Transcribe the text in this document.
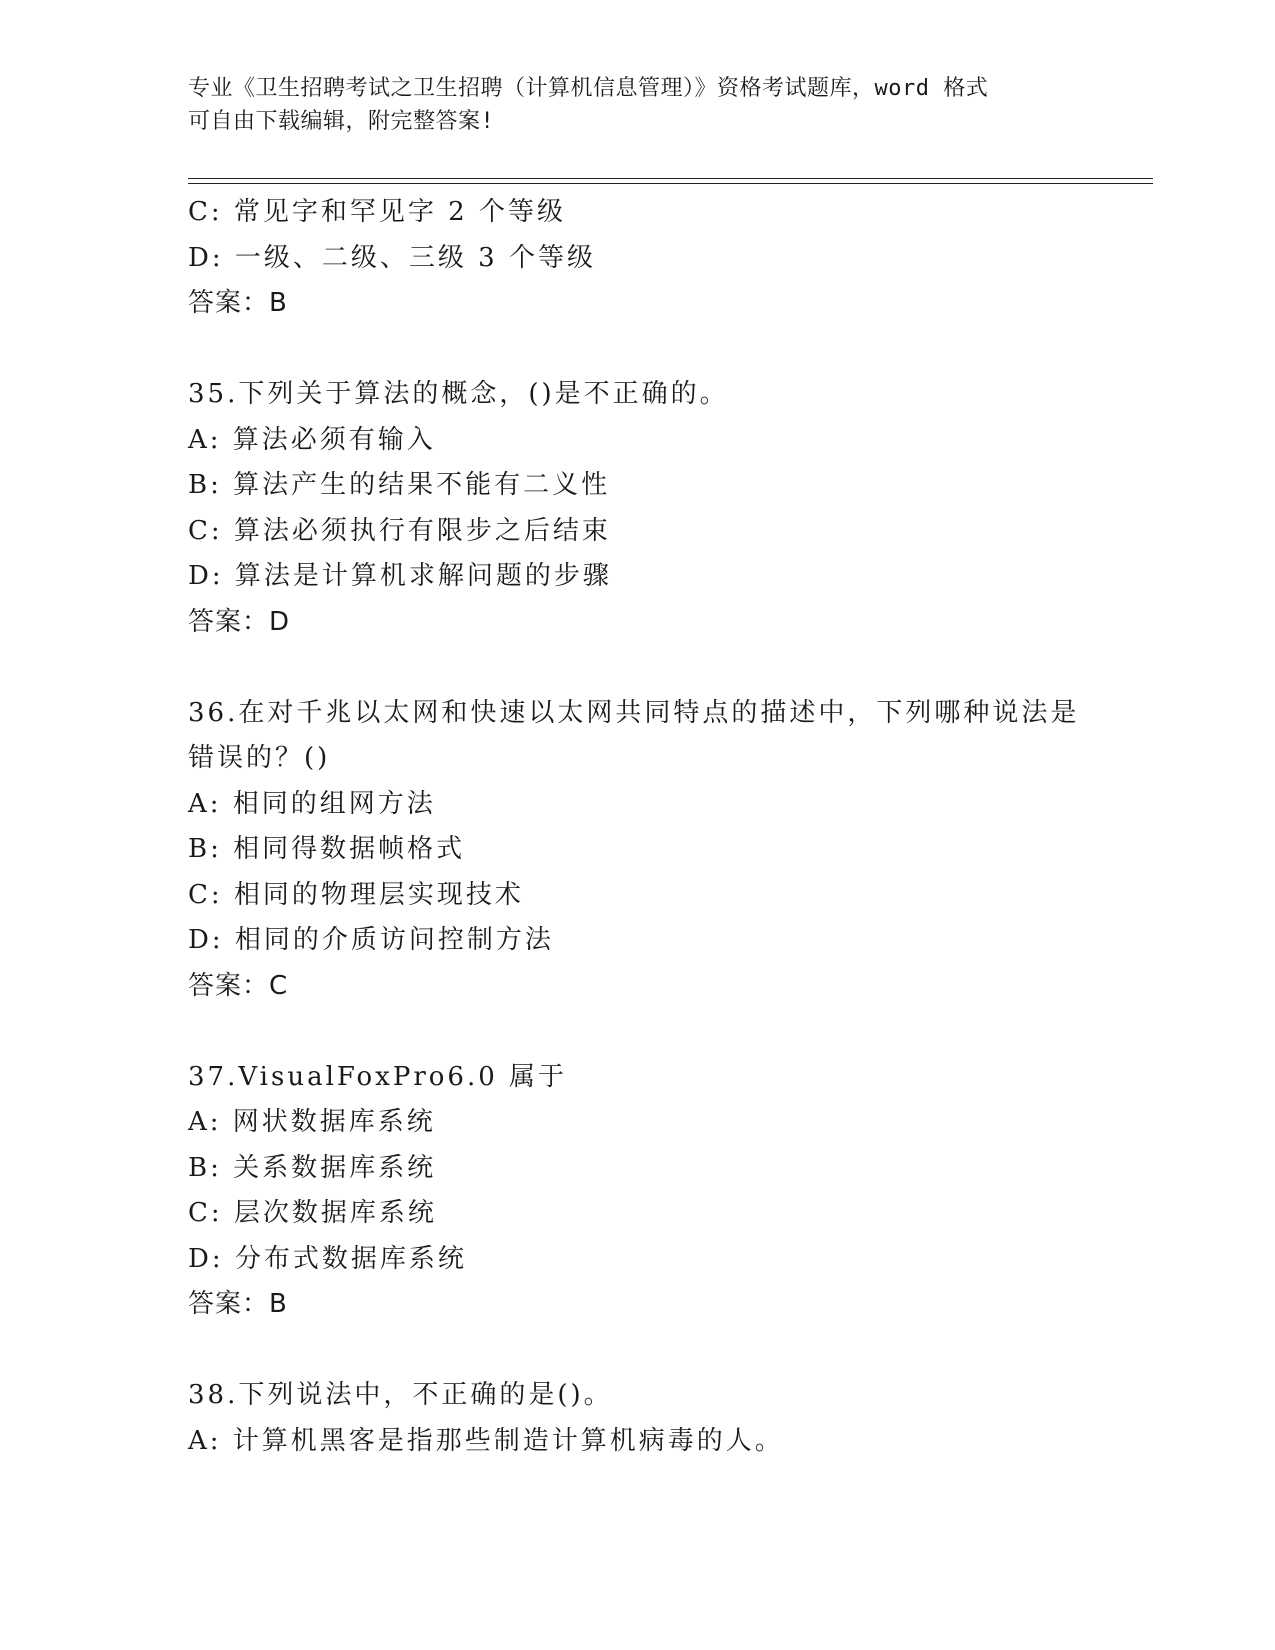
专业《卫生招聘考试之卫生招聘（计算机信息管理）》资格考试题库，word 格式
可自由下载编辑，附完整答案!
C: 常见字和罕见字 2 个等级
D: 一级、二级、三级 3 个等级
答案：B
35.下列关于算法的概念，()是不正确的。
A: 算法必须有输入
B: 算法产生的结果不能有二义性
C: 算法必须执行有限步之后结束
D: 算法是计算机求解问题的步骤
答案：D
36.在对千兆以太网和快速以太网共同特点的描述中，下列哪种说法是
错误的？()
A: 相同的组网方法
B: 相同得数据帧格式
C: 相同的物理层实现技术
D: 相同的介质访问控制方法
答案：C
37.VisualFoxPro6.0 属于
A: 网状数据库系统
B: 关系数据库系统
C: 层次数据库系统
D: 分布式数据库系统
答案：B
38.下列说法中，不正确的是()。
A: 计算机黑客是指那些制造计算机病毒的人。
